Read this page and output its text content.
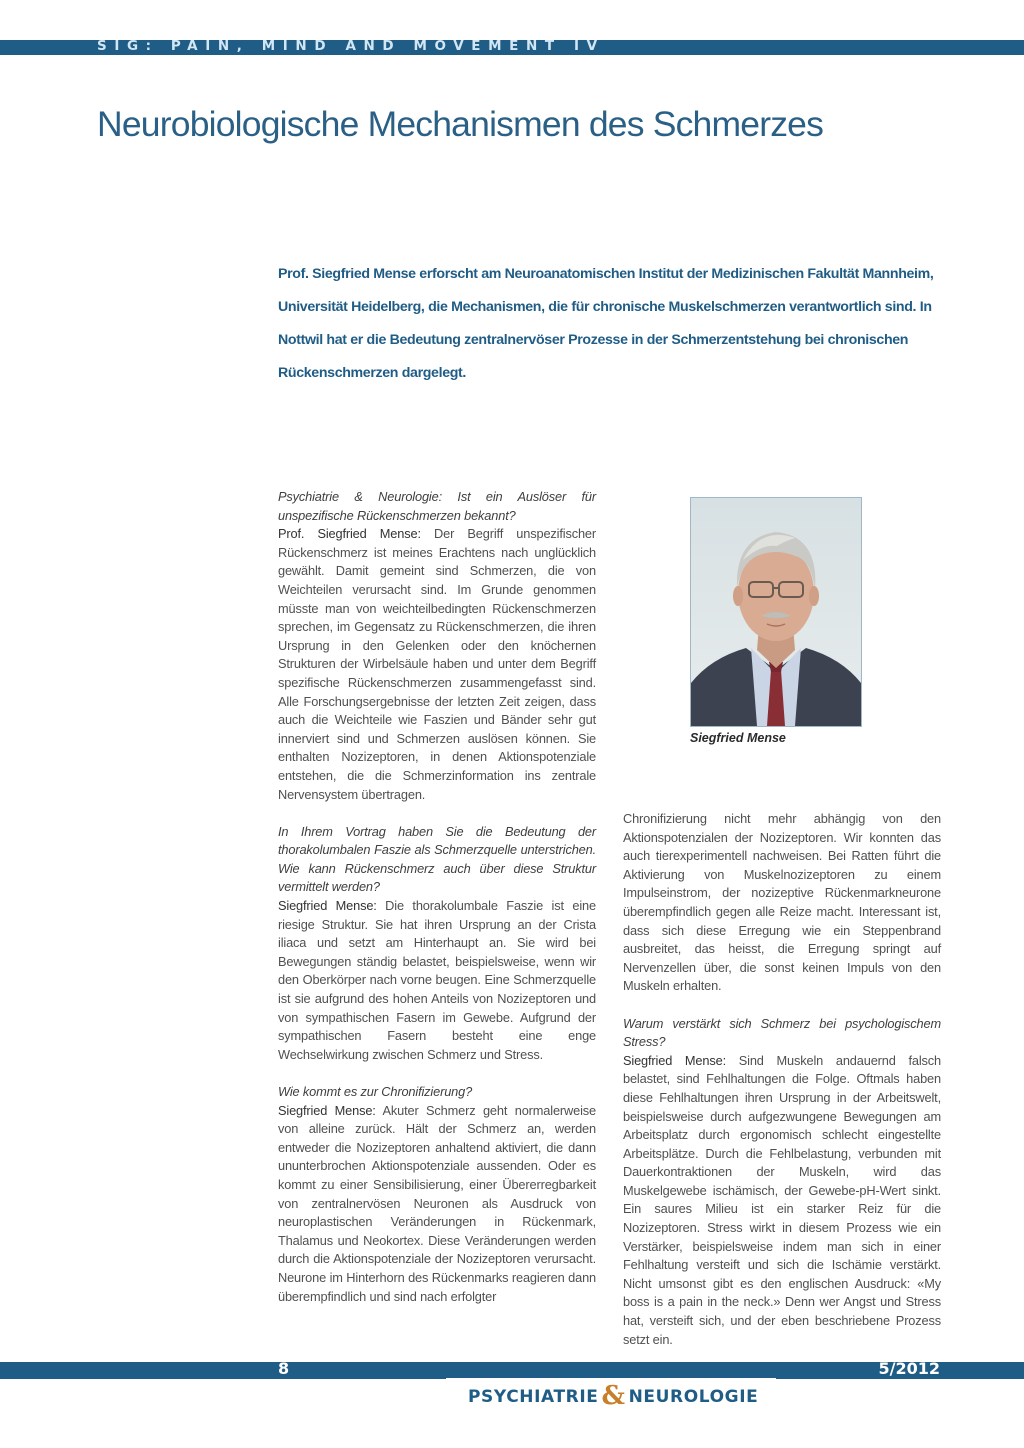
SIG: PAIN, MIND AND MOVEMENT IV
Neurobiologische Mechanismen des Schmerzes

Prof. Siegfried Mense erforscht am Neuroanatomischen Institut der Medizinischen Fakultät Mannheim, Universität Heidelberg, die Mechanismen, die für chronische Muskelschmerzen verantwortlich sind. In Nottwil hat er die Bedeutung zentralnervöser Prozesse in der Schmerzentstehung bei chronischen Rückenschmerzen dargelegt.

Psychiatrie & Neurologie: Ist ein Auslöser für unspezifische Rückenschmerzen bekannt?
Prof. Siegfried Mense: Der Begriff unspezifischer Rückenschmerz ist meines Erachtens nach unglücklich gewählt. Damit gemeint sind Schmerzen, die von Weichteilen verursacht sind. Im Grunde genommen müsste man von weichteilbedingten Rückenschmerzen sprechen, im Gegensatz zu Rückenschmerzen, die ihren Ursprung in den Gelenken oder den knöchernen Strukturen der Wirbelsäule haben und unter dem Begriff spezifische Rückenschmerzen zusammengefasst sind. Alle Forschungsergebnisse der letzten Zeit zeigen, dass auch die Weichteile wie Faszien und Bänder sehr gut innerviert sind und Schmerzen auslösen können. Sie enthalten Nozizeptoren, in denen Aktionspotenziale entstehen, die die Schmerzinformation ins zentrale Nervensystem übertragen.

In Ihrem Vortrag haben Sie die Bedeutung der thorakolumbalen Faszie als Schmerzquelle unterstrichen. Wie kann Rückenschmerz auch über diese Struktur vermittelt werden?
Siegfried Mense: Die thorakolumbale Faszie ist eine riesige Struktur. Sie hat ihren Ursprung an der Crista iliaca und setzt am Hinterhaupt an. Sie wird bei Bewegungen ständig belastet, beispielsweise, wenn wir den Oberkörper nach vorne beugen. Eine Schmerzquelle ist sie aufgrund des hohen Anteils von Nozizeptoren und von sympathischen Fasern im Gewebe. Aufgrund der sympathischen Fasern besteht eine enge Wechselwirkung zwischen Schmerz und Stress.

Wie kommt es zur Chronifizierung?
Siegfried Mense: Akuter Schmerz geht normalerweise von alleine zurück. Hält der Schmerz an, werden entweder die Nozizeptoren anhaltend aktiviert, die dann ununterbrochen Aktionspotenziale aussenden. Oder es kommt zu einer Sensibilisierung, einer Übererregbarkeit von zentralnervösen Neuronen als Ausdruck von neuroplastischen Veränderungen in Rückenmark, Thalamus und Neokortex. Diese Veränderungen werden durch die Aktionspotenziale der Nozizeptoren verursacht. Neurone im Hinterhorn des Rückenmarks reagieren dann überempfindlich und sind nach erfolgter

Siegfried Mense

Chronifizierung nicht mehr abhängig von den Aktionspotenzialen der Nozizeptoren. Wir konnten das auch tierexperimentell nachweisen. Bei Ratten führt die Aktivierung von Muskelnozizeptoren zu einem Impulseinstrom, der nozizeptive Rückenmarkneurone überempfindlich gegen alle Reize macht. Interessant ist, dass sich diese Erregung wie ein Steppenbrand ausbreitet, das heisst, die Erregung springt auf Nervenzellen über, die sonst keinen Impuls von den Muskeln erhalten.

Warum verstärkt sich Schmerz bei psychologischem Stress?
Siegfried Mense: Sind Muskeln andauernd falsch belastet, sind Fehlhaltungen die Folge. Oftmals haben diese Fehlhaltungen ihren Ursprung in der Arbeitswelt, beispielsweise durch aufgezwungene Bewegungen am Arbeitsplatz durch ergonomisch schlecht eingestellte Arbeitsplätze. Durch die Fehlbelastung, verbunden mit Dauerkontraktionen der Muskeln, wird das Muskelgewebe ischämisch, der Gewebe-pH-Wert sinkt. Ein saures Milieu ist ein starker Reiz für die Nozizeptoren. Stress wirkt in diesem Prozess wie ein Verstärker, beispielsweise indem man sich in einer Fehlhaltung versteift und sich die Ischämie verstärkt. Nicht umsonst gibt es den englischen Ausdruck: «My boss is a pain in the neck.» Denn wer Angst und Stress hat, versteift sich, und der eben beschriebene Prozess setzt ein.

8	5/2012
PSYCHIATRIE & NEUROLOGIE
